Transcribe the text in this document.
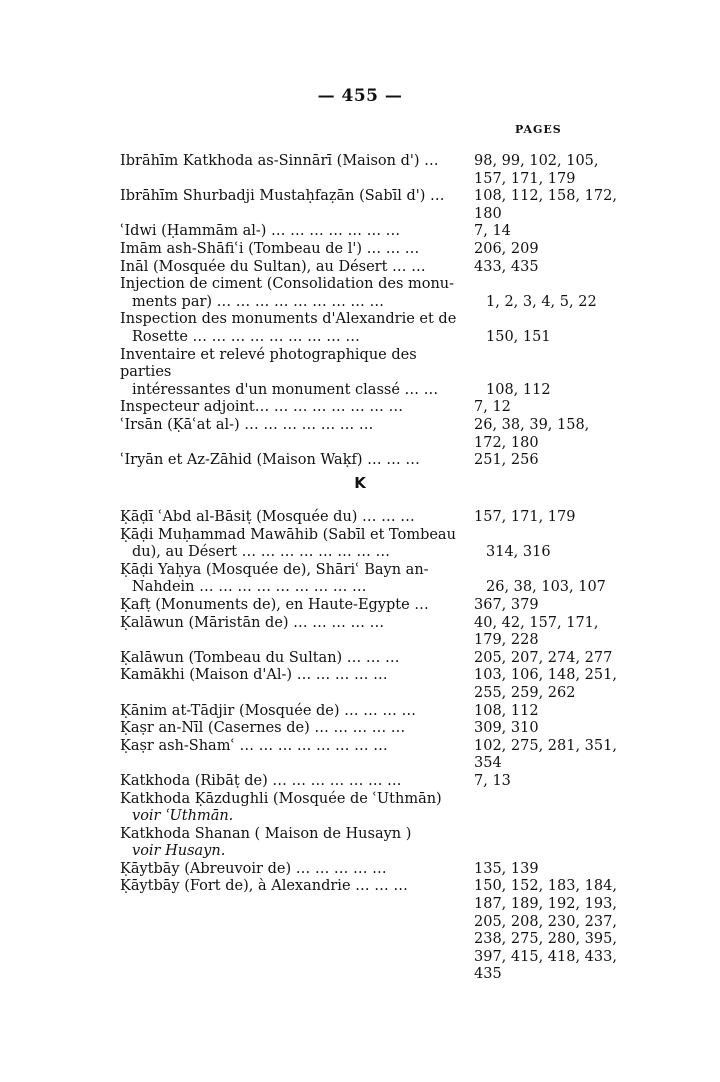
— 455 —
PAGES
Ibrāhīm Katkhoda as-Sinnārī (Maison d') …	98, 99, 102, 105,
157, 171, 179
Ibrāhīm Shurbadji Mustaḥfaẓān (Sabīl d') …	108, 112, 158, 172,
180
ʿIdwi (Ḥammām al-) … … … … … … …	7, 14
Imām ash-Shāfiʿi (Tombeau de l') … … …	206, 209
Ināl (Mosquée du Sultan), au Désert … …	433, 435
Injection de ciment (Consolidation des monu-
ments par) … … … … … … … … …	1, 2, 3, 4, 5, 22
Inspection des monuments d'Alexandrie et de
Rosette … … … … … … … … …	150, 151
Inventaire et relevé photographique des parties
intéressantes d'un monument classé … …	108, 112
Inspecteur adjoint… … … … … … … …	7, 12
ʿIrsān (Ḳāʿat al-) … … … … … … …	26, 38, 39, 158,
172, 180
ʿIryān et Az-Zāhid (Maison Waḳf) … … …	251, 256
K
Ḳāḍī ʿAbd al-Bāsiṭ (Mosquée du) … … …	157, 171, 179
Ḳāḍi Muḥammad Mawāhib (Sabīl et Tombeau
du), au Désert … … … … … … … …	314, 316
Ḳāḍi Yaḥya (Mosquée de), Shāriʿ Bayn an-
Nahdein … … … … … … … … …	26, 38, 103, 107
Ḳafṭ (Monuments de), en Haute-Egypte …	367, 379
Ḳalāwun (Māristān de) … … … … …	40, 42, 157, 171,
179, 228
Ḳalāwun (Tombeau du Sultan) … … …	205, 207, 274, 277
Kamākhi (Maison d'Al-) … … … … …	103, 106, 148, 251,
255, 259, 262
Ḳānim at-Tādjir (Mosquée de) … … … …	108, 112
Ḳaṣr an-Nīl (Casernes de) … … … … …	309, 310
Ḳaṣr ash-Shamʿ … … … … … … … …	102, 275, 281, 351,
354
Katkhoda (Ribāṭ de) … … … … … … …	7, 13
Katkhoda Ḳāzdughli (Mosquée de ʿUthmān)
voir ʿUthmān.
Katkhoda Shanan ( Maison de Husayn )
voir Husayn.
Ḳāytbāy (Abreuvoir de) … … … … …	135, 139
Ḳāytbāy (Fort de), à Alexandrie … … …	150, 152, 183, 184,
187, 189, 192, 193,
205, 208, 230, 237,
238, 275, 280, 395,
397, 415, 418, 433,
435
